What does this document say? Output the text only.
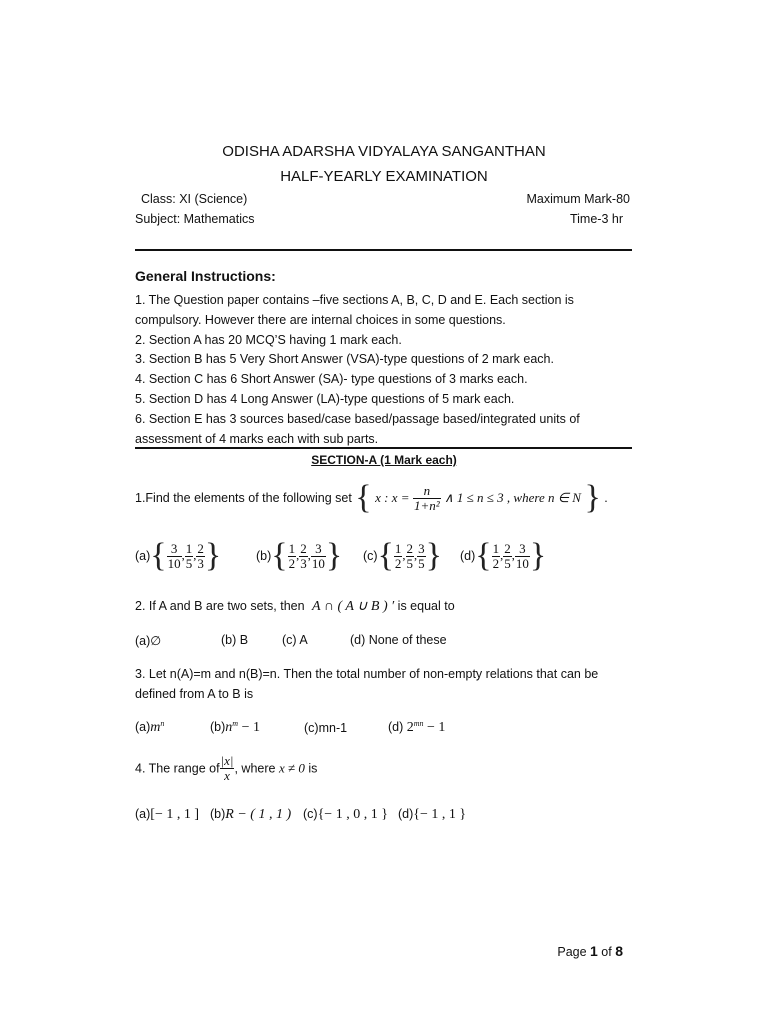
ODISHA ADARSHA VIDYALAYA SANGANTHAN
HALF-YEARLY EXAMINATION
Class: XI (Science)	Maximum Mark-80
Subject: Mathematics	Time-3 hr
General Instructions:
1. The Question paper contains –five sections A, B, C, D and E. Each section is
compulsory. However there are internal choices in some questions.
2. Section A has 20 MCQ’S having 1 mark each.
3. Section B has 5 Very Short Answer (VSA)-type questions of 2 mark each.
4. Section C has 6 Short Answer (SA)- type questions of 3 marks each.
5. Section D has 4 Long Answer (LA)-type questions of 5 mark each.
6. Section E has 3 sources based/case based/passage based/integrated units of
assessment of 4 marks each with sub parts.
SECTION-A (1 Mark each)
1.Find the elements of the following set { x : $x = \frac{n}{\text{1+n²}}$ ∧ 1 ≤ n ≤ 3 , where n ∈ N } .
$(a)\{ \frac{3}{10}$ , $\frac{1}{5}$ , $\frac{2}{3}$ }	$(b)\{ \frac{1}{2}$ , $\frac{2}{3}$ , $\frac{3}{10}$ } $(c)\{ \frac{1}{2}$ , $\frac{2}{5}$ , $\frac{3}{5}$ } $(d)\{ \frac{1}{2}$ , $\frac{2}{5}$ , $\frac{3}{10}$ }
2. If A and B are two sets, then A ∩ ( A ∪ B ) ′ is equal to
(a)∅	(b) B	(c) A	(d) None of these
3. Let n(A)=m and n(B)=n. Then the total number of non-empty relations that can be
defined from A to B is
$(a)m^n$	$(b)n^m - 1$	(c)mn-1	(d) $2^{mn} - 1$
4. The range of $\frac{|x|}{x}$ , where x ≠ 0 is
(a)[− 1 , 1 ] (b)R − ( 1 , 1 ) (c){− 1 , 0 , 1 } (d){− 1 , 1 }
Page 1 of 8
